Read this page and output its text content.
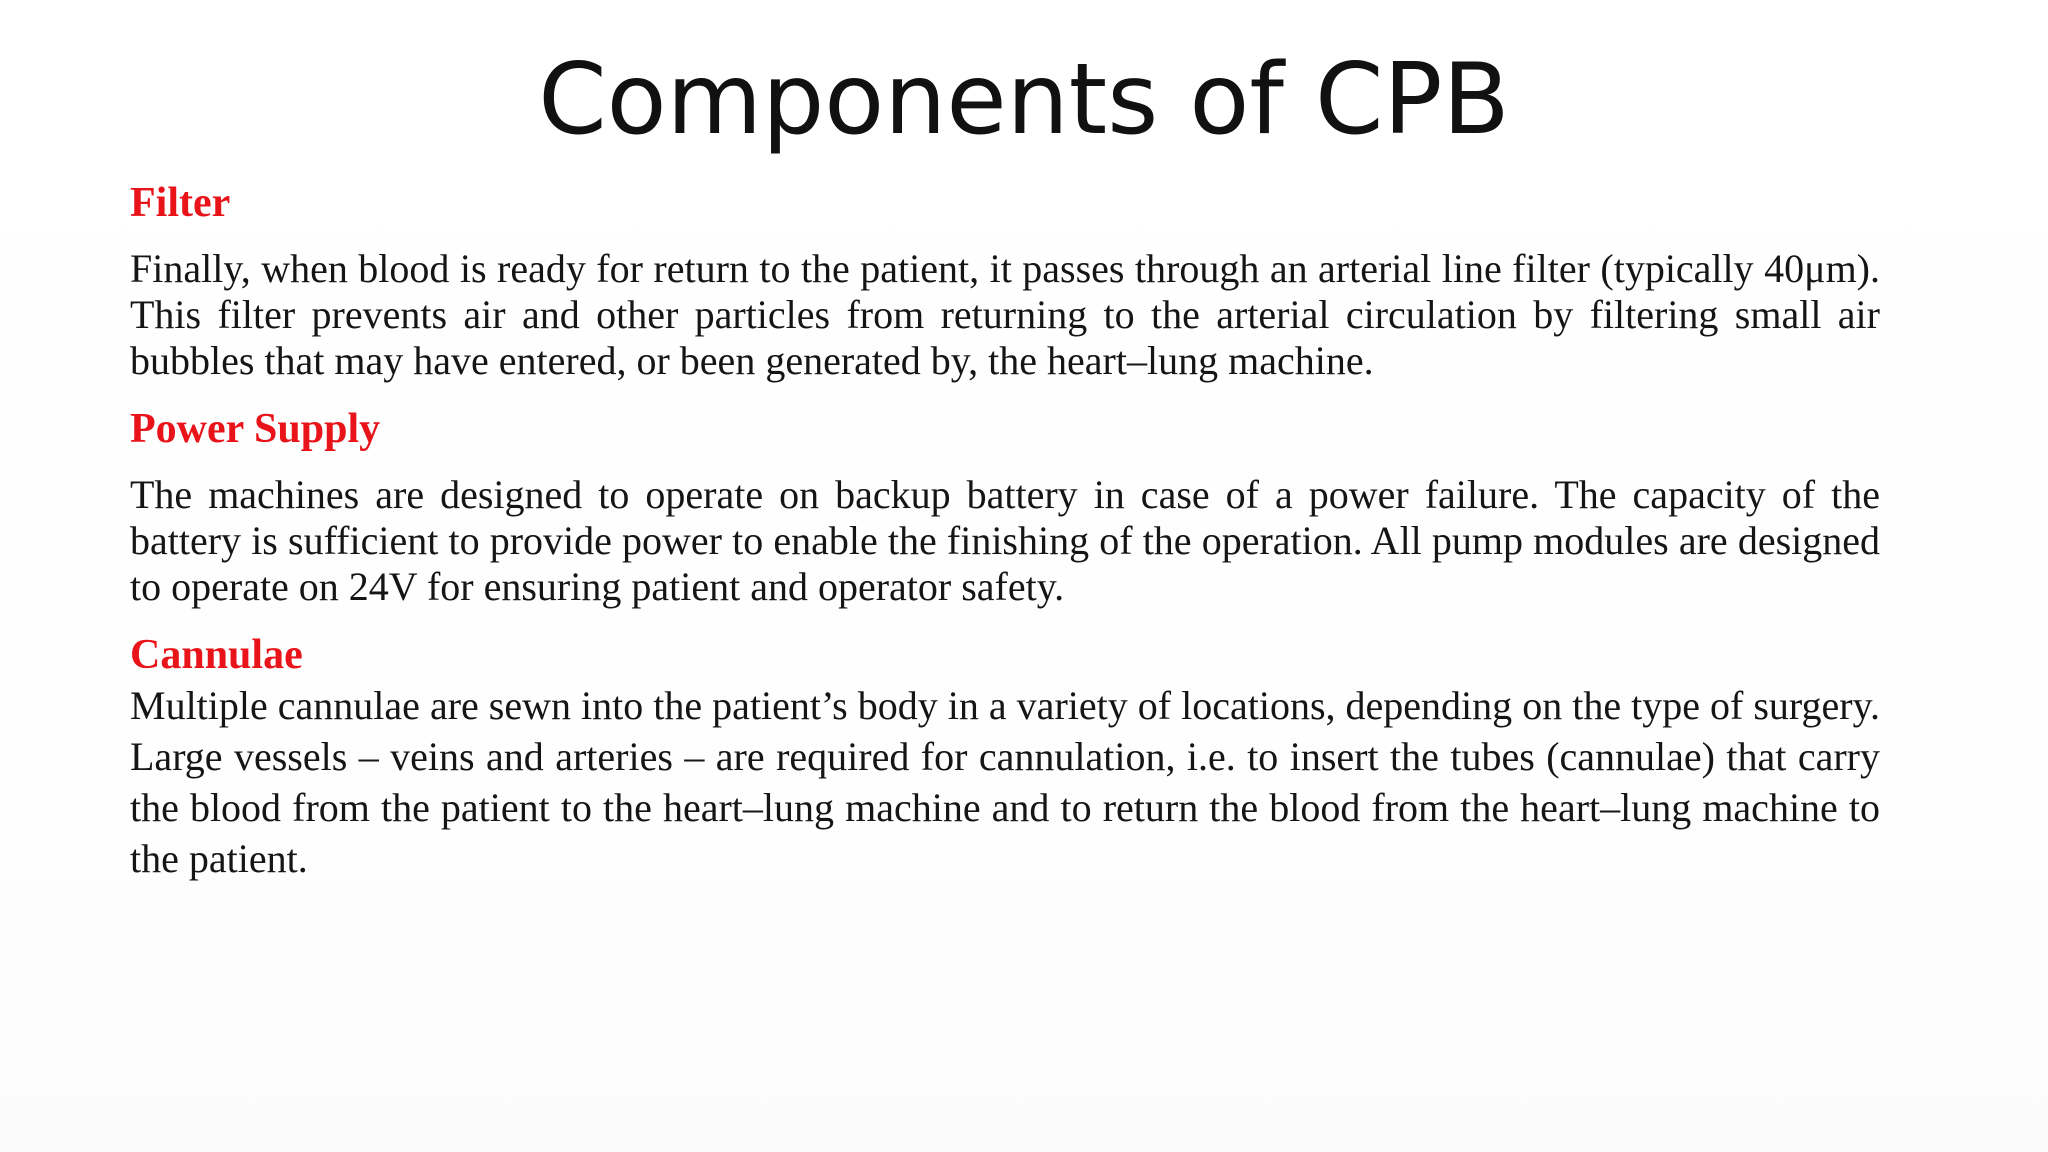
Components of CPB
Filter

Finally, when blood is ready for return to the patient, it passes through an arterial line filter (typically 40μm). This filter prevents air and other particles from returning to the arterial circulation by filtering small air bubbles that may have entered, or been generated by, the heart–lung machine.

Power Supply

The machines are designed to operate on backup battery in case of a power failure. The capacity of the battery is sufficient to provide power to enable the finishing of the operation. All pump modules are designed to operate on 24V for ensuring patient and operator safety.

Cannulae

Multiple cannulae are sewn into the patient’s body in a variety of locations, depending on the type of surgery. Large vessels – veins and arteries – are required for cannulation, i.e. to insert the tubes (cannulae) that carry the blood from the patient to the heart–lung machine and to return the blood from the heart–lung machine to the patient.
